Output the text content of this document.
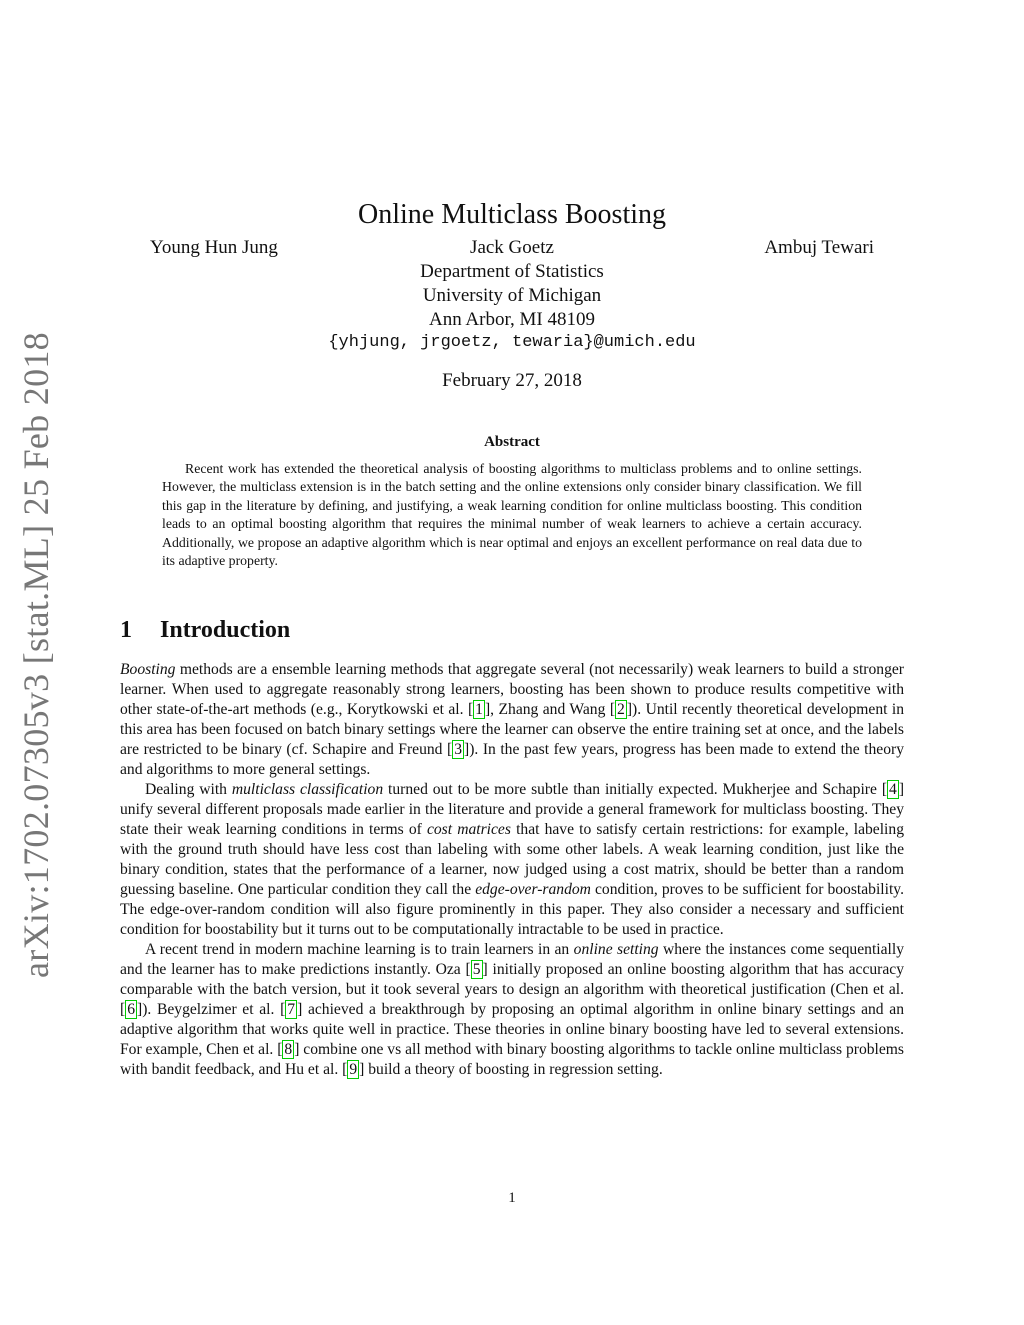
arXiv:1702.07305v3 [stat.ML] 25 Feb 2018
Online Multiclass Boosting
Young Hun Jung	Jack Goetz	Ambuj Tewari
Department of Statistics
University of Michigan
Ann Arbor, MI 48109
{yhjung, jrgoetz, tewaria}@umich.edu
February 27, 2018
Abstract

Recent work has extended the theoretical analysis of boosting algorithms to multiclass problems and to online settings. However, the multiclass extension is in the batch setting and the online extensions only consider binary classification. We fill this gap in the literature by defining, and justifying, a weak learning condition for online multiclass boosting. This condition leads to an optimal boosting algorithm that requires the minimal number of weak learners to achieve a certain accuracy. Additionally, we propose an adaptive algorithm which is near optimal and enjoys an excellent performance on real data due to its adaptive property.

1 Introduction

Boosting methods are a ensemble learning methods that aggregate several (not necessarily) weak learners to build a stronger learner. When used to aggregate reasonably strong learners, boosting has been shown to produce results competitive with other state-of-the-art methods (e.g., Korytkowski et al. [ 1 ], Zhang and Wang [ 2 ]). Until recently theoretical development in this area has been focused on batch binary settings where the learner can observe the entire training set at once, and the labels are restricted to be binary (cf. Schapire and Freund [ 3 ]). In the past few years, progress has been made to extend the theory and algorithms to more general settings.

Dealing with multiclass classification turned out to be more subtle than initially expected. Mukherjee and Schapire [ 4 ] unify several different proposals made earlier in the literature and provide a general framework for multiclass boosting. They state their weak learning conditions in terms of cost matrices that have to satisfy certain restrictions: for example, labeling with the ground truth should have less cost than labeling with some other labels. A weak learning condition, just like the binary condition, states that the performance of a learner, now judged using a cost matrix, should be better than a random guessing baseline. One particular condition they call the edge-over-random condition, proves to be sufficient for boostability. The edge-over-random condition will also figure prominently in this paper. They also consider a necessary and sufficient condition for boostability but it turns out to be computationally intractable to be used in practice.

A recent trend in modern machine learning is to train learners in an online setting where the instances come sequentially and the learner has to make predictions instantly. Oza [ 5 ] initially proposed an online boosting algorithm that has accuracy comparable with the batch version, but it took several years to design an algorithm with theoretical justification (Chen et al. [ 6 ]). Beygelzimer et al. [ 7 ] achieved a breakthrough by proposing an optimal algorithm in online binary settings and an adaptive algorithm that works quite well in practice. These theories in online binary boosting have led to several extensions. For example, Chen et al. [ 8 ] combine one vs all method with binary boosting algorithms to tackle online multiclass problems with bandit feedback, and Hu et al. [ 9 ] build a theory of boosting in regression setting.

1
